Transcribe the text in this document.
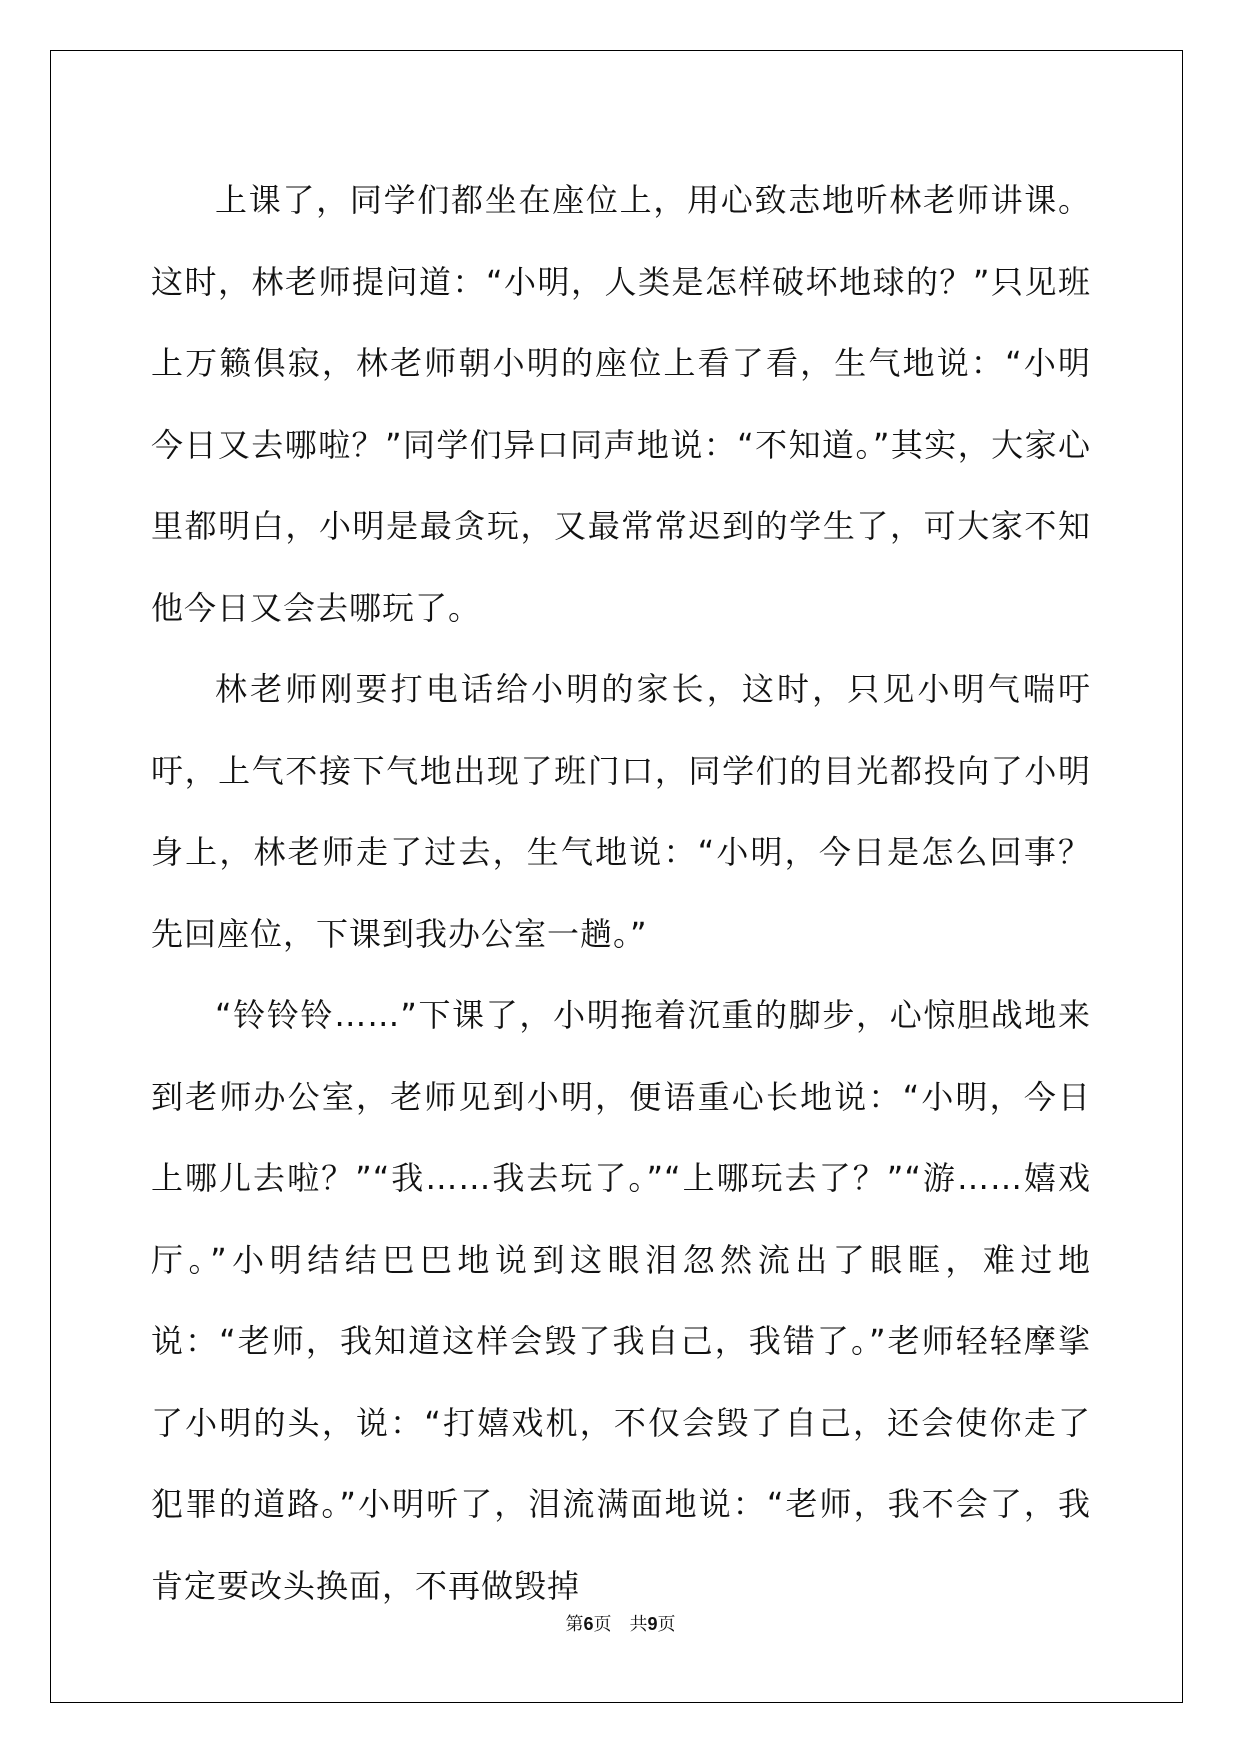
上课了，同学们都坐在座位上，用心致志地听林老师讲课。这时，林老师提问道：“小明，人类是怎样破坏地球的？”只见班上万籁俱寂，林老师朝小明的座位上看了看，生气地说：“小明今日又去哪啦？”同学们异口同声地说：“不知道。”其实，大家心里都明白，小明是最贪玩，又最常常迟到的学生了，可大家不知他今日又会去哪玩了。

林老师刚要打电话给小明的家长，这时，只见小明气喘吁吁，上气不接下气地出现了班门口，同学们的目光都投向了小明身上，林老师走了过去，生气地说：“小明，今日是怎么回事？先回座位，下课到我办公室一趟。”

“铃铃铃……”下课了，小明拖着沉重的脚步，心惊胆战地来到老师办公室，老师见到小明，便语重心长地说：“小明，今日上哪儿去啦？”“我……我去玩了。”“上哪玩去了？”“游……嬉戏厅。”小明结结巴巴地说到这眼泪忽然流出了眼眶，难过地说：“老师，我知道这样会毁了我自己，我错了。”老师轻轻摩挲了小明的头，说：“打嬉戏机，不仅会毁了自己，还会使你走了犯罪的道路。”小明听了，泪流满面地说：“老师，我不会了，我肯定要改头换面，不再做毁掉

第6页 共9页
